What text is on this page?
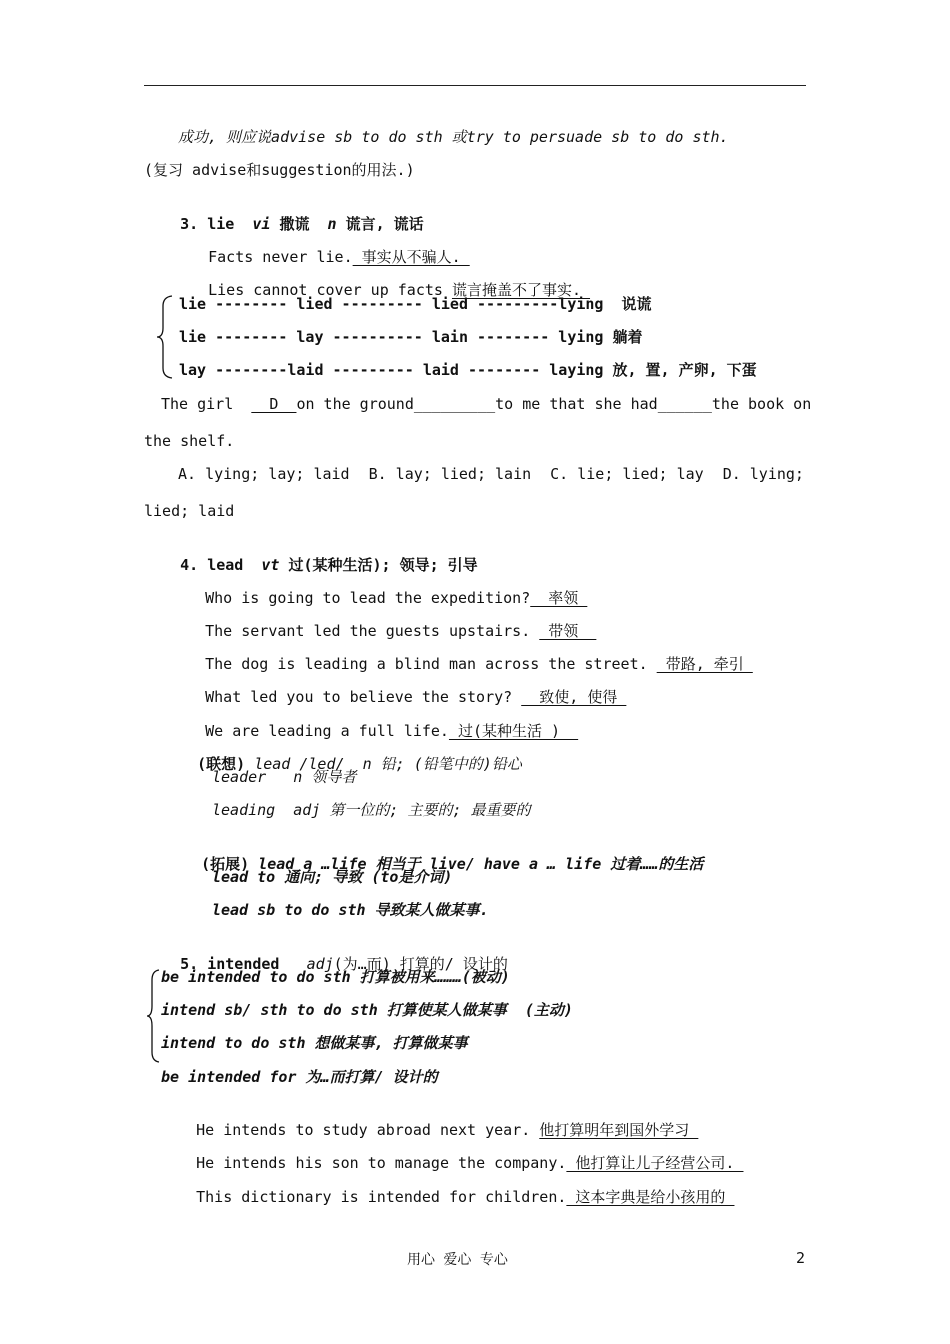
成功, 则应说advise sb to do sth 或try to persuade sb to do sth.
(复习 advise和suggestion的用法.)

3. lie vi 撒谎 n 谎言, 谎话

Facts never lie. 事实从不骗人.

Lies cannot cover up facts 谎言掩盖不了事实.

lie -------- lied --------- lied ---------lying  说谎
lie -------- lay ---------- lain -------- lying 躺着
lay --------laid --------- laid -------- laying 放, 置, 产卵, 下蛋
The girl    D on the ground _________ to me that she had ______ the book on
the shelf.
A. lying; lay; laid B. lay; lied; lain C. lie; lied; lay D. lying;
lied; laid

4. lead vt 过(某种生活); 领导; 引导

Who is going to lead the expedition?  率领

The servant led the guests upstairs.  带领

The dog is leading a blind man across the street.  带路, 牵引

What led you to believe the story?   致使, 使得

We are leading a full life. 过(某种生活 )

(联想) lead /led/  n 铅; (铅笔中的)铅心

leader   n 领导者
leading  adj 第一位的; 主要的; 最重要的

(拓展) lead a …life 相当于 live/ have a … life 过着……的生活

lead to 通向; 导致 (to是介词)
lead sb to do sth 导致某人做某事.

5. intended adj(为…而) 打算的/ 设计的

be intended to do sth 打算被用来………(被动)
intend sb/ sth to do sth 打算使某人做某事  (主动)
intend to do sth 想做某事, 打算做某事
be intended for 为…而打算/ 设计的

He intends to study abroad next year. 他打算明年到国外学习

He intends his son to manage the company. 他打算让儿子经营公司.

This dictionary is intended for children. 这本字典是给小孩用的

用心 爱心 专心	2
